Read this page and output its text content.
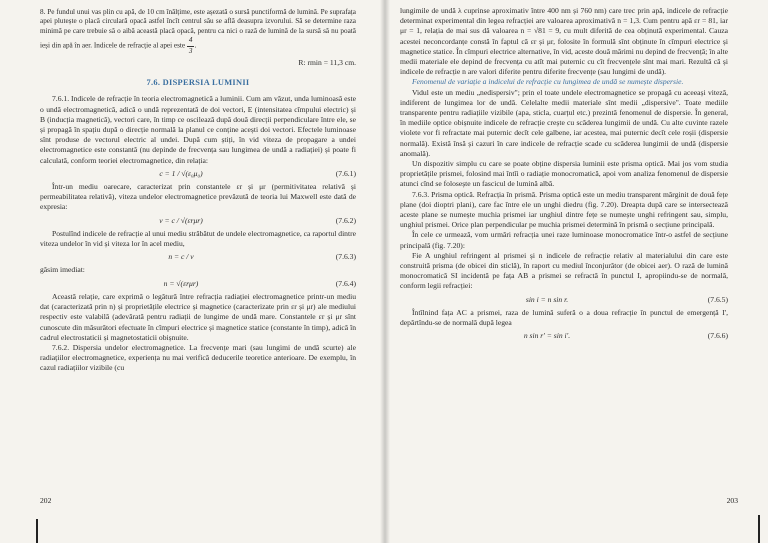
8. Pe fundul unui vas plin cu apă, de 10 cm înălțime, este așezată o sursă punctiformă de lumină. Pe suprafața apei plutește o placă circulară opacă astfel încît centrul său se află deasupra izvorului. Să se determine raza minimă pe care trebuie să o aibă această placă opacă, pentru ca nici o rază de lumină de la sursă să nu poată ieși din apă în aer. Indicele de refracție al apei este $\frac{4}{3}$ .

R: rmin = 11,3 cm.

7.6. DISPERSIA LUMINII

7.6.1. Indicele de refracție în teoria electromagnetică a luminii. Cum am văzut, unda luminoasă este o undă electromagnetică, adică o undă reprezentată de doi vectori, E (intensitatea cîmpului electric) și B (inducția magnetică), vectori care, în timp ce oscilează după două direcții perpendiculare între ele, se și propagă în spațiu după o direcție normală la planul ce conține acești doi vectori. Efectele luminoase sînt produse de vectorul electric al undei. După cum știți, în vid viteza de propagare a undei electromagnetice este constantă (nu depinde de frecvența sau lungimea de undă a radiației) și poate fi calculată, conform teoriei electromagnetice, din relația:

c = 1 / √(ε₀μ₀)	(7.6.1)

Într-un mediu oarecare, caracterizat prin constantele εr și μr (permitivitatea relativă și permeabilitatea relativă), viteza undelor electromagnetice prevăzută de teoria lui Maxwell este dată de expresia:

v = c / √(εrμr)	(7.6.2)

Postulînd indicele de refracție al unui mediu străbătut de undele electromagnetice, ca raportul dintre viteza undelor în vid și viteza lor în acel mediu,

n = c / v	(7.6.3)

găsim imediat:

n = √(εrμr)	(7.6.4)

Această relație, care exprimă o legătură între refracția radiației electromagnetice printr-un mediu dat (caracterizată prin n) și proprietățile electrice și magnetice (caracterizate prin εr și μr) ale mediului respectiv este valabilă (adevărată pentru radiații de lungime de undă mare. Constantele εr și μr sînt cunoscute din măsurători efectuate în cîmpuri electrice și magnetice statice (constante în timp), adică în cadrul electrostaticii și magnetostaticii obișnuite.

7.6.2. Dispersia undelor electromagnetice. La frecvențe mari (sau lungimi de undă scurte) ale radiațiilor electromagnetice, experiența nu mai verifică deducerile teoretice anterioare. De exemplu, în cazul radiațiilor vizibile (cu

202

lungimile de undă λ cuprinse aproximativ între 400 nm și 760 nm) care trec prin apă, indicele de refracție determinat experimental din legea refracției are valoarea aproximativă n = 1,3. Cum pentru apă εr = 81, iar μr = 1, relația de mai sus dă valoarea n = √81 = 9, cu mult diferită de cea obținută experimental. Cauza acestei neconcordanțe constă în faptul că εr și μr, folosite în formulă sînt obținute în cîmpuri electrice și magnetice statice. În cîmpuri electrice alternative, în vid, aceste două mărimi nu depind de frecvență; în alte medii materiale ele depind de frecvența cu atît mai puternic cu cît frecvențele sînt mai mari. Rezultă că și indicele de refracție n are valori diferite pentru diferite frecvențe (sau lungimi de undă).

Fenomenul de variație a indicelui de refracție cu lungimea de undă se numește dispersie.

Vidul este un mediu „nedispersiv"; prin el toate undele electromagnetice se propagă cu aceeași viteză, indiferent de lungimea lor de undă. Celelalte medii materiale sînt medii „dispersive". Toate mediile transparente pentru radiațiile vizibile (apa, sticla, cuarțul etc.) prezintă fenomenul de dispersie. În general, în mediile optice obișnuite indicele de refracție crește cu scăderea lungimii de undă. Cu alte cuvinte razele violete vor fi refractate mai puternic decît cele galbene, iar acestea, mai puternic decît cele roșii (dispersie normală). Există însă și cazuri în care indicele de refracție scade cu scăderea lungimii de undă (dispersie anomală).

Un dispozitiv simplu cu care se poate obține dispersia luminii este prisma optică. Mai jos vom studia proprietățile prismei, folosind mai întîi o radiație monocromatică, apoi vom analiza fenomenul de dispersie atunci cînd se folosește un fascicul de lumină albă.

7.6.3. Prisma optică. Refracția în prismă. Prisma optică este un mediu transparent mărginit de două fețe plane (doi dioptri plani), care fac între ele un unghi diedru (fig. 7.20). Dreapta după care se intersectează aceste plane se numește muchia prismei iar unghiul dintre fețe se numește unghi refringent sau, simplu, unghiul prismei. Orice plan perpendicular pe muchia prismei determină în prismă o secțiune principală.

În cele ce urmează, vom urmări refracția unei raze luminoase monocromatice într-o astfel de secțiune principală (fig. 7.20):

Fie A unghiul refringent al prismei și n indicele de refracție relativ al materialului din care este construită prisma (de obicei din sticlă), în raport cu mediul înconjurător (de obicei aer). O rază de lumină monocromatică SI incidentă pe fața AB a prismei se refractă în punctul I, apropiindu-se de normală, conform legii refracției:

sin i = n sin r.	(7.6.5)

Întîlnind fața AC a prismei, raza de lumină suferă o a doua refracție în punctul de emergență I', depărtîndu-se de normală după legea

n sin r' = sin i'.	(7.6.6)
203
